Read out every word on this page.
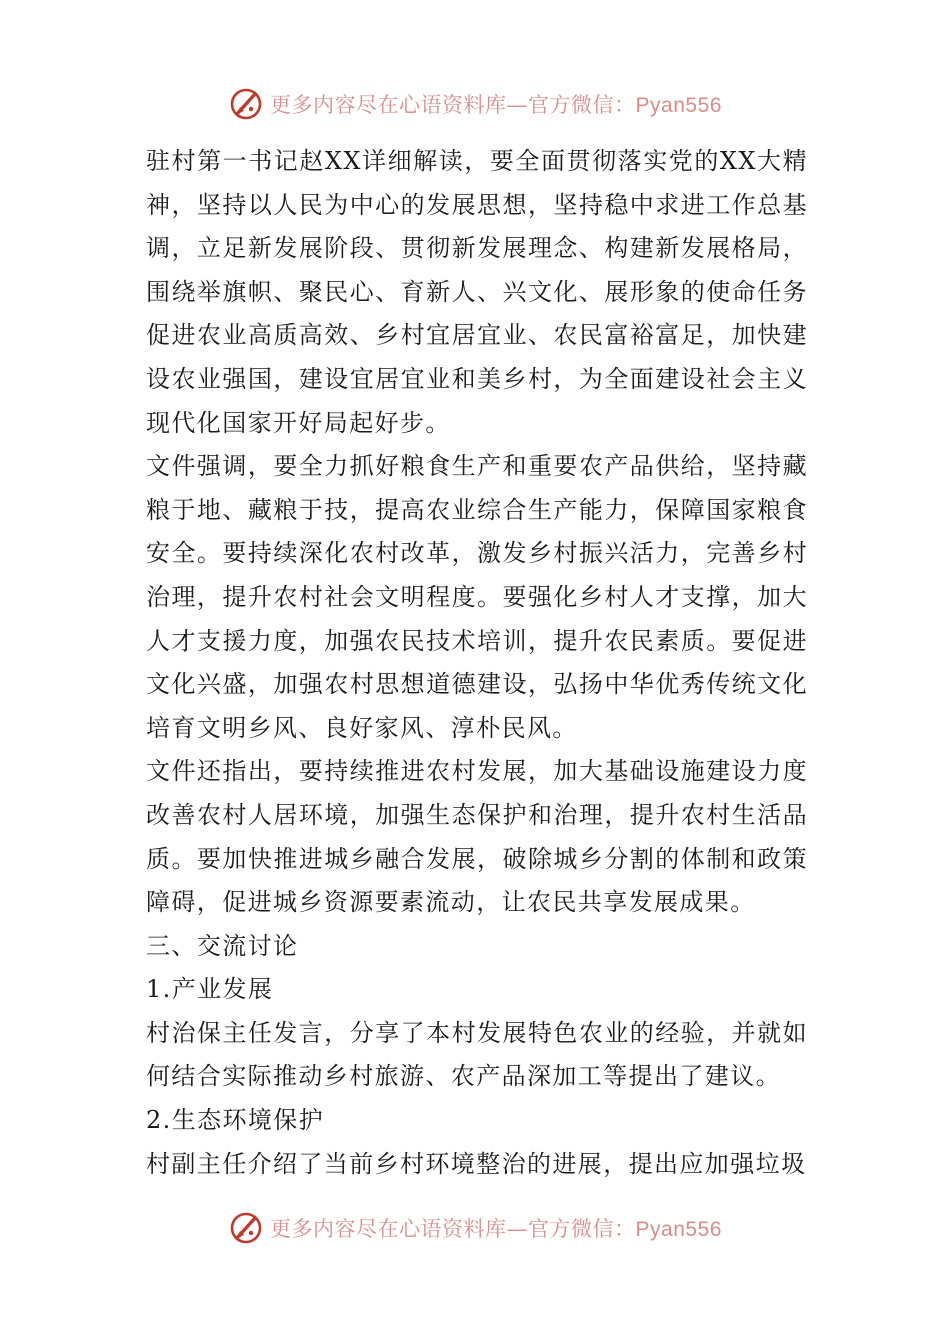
更多内容尽在心语资料库—官方微信：Pyan556

驻村第一书记赵XX详细解读，要全面贯彻落实党的XX大精神，坚持以人民为中心的发展思想，坚持稳中求进工作总基调，立足新发展阶段、贯彻新发展理念、构建新发展格局，围绕举旗帜、聚民心、育新人、兴文化、展形象的使命任务促进农业高质高效、乡村宜居宜业、农民富裕富足，加快建设农业强国，建设宜居宜业和美乡村，为全面建设社会主义现代化国家开好局起好步。

文件强调，要全力抓好粮食生产和重要农产品供给，坚持藏粮于地、藏粮于技，提高农业综合生产能力，保障国家粮食安全。要持续深化农村改革，激发乡村振兴活力，完善乡村治理，提升农村社会文明程度。要强化乡村人才支撑，加大人才支援力度，加强农民技术培训，提升农民素质。要促进文化兴盛，加强农村思想道德建设，弘扬中华优秀传统文化培育文明乡风、良好家风、淳朴民风。

文件还指出，要持续推进农村发展，加大基础设施建设力度改善农村人居环境，加强生态保护和治理，提升农村生活品质。要加快推进城乡融合发展，破除城乡分割的体制和政策障碍，促进城乡资源要素流动，让农民共享发展成果。

三、交流讨论

1.产业发展

村治保主任发言，分享了本村发展特色农业的经验，并就如何结合实际推动乡村旅游、农产品深加工等提出了建议。

2.生态环境保护

村副主任介绍了当前乡村环境整治的进展，提出应加强垃圾

更多内容尽在心语资料库—官方微信：Pyan556
